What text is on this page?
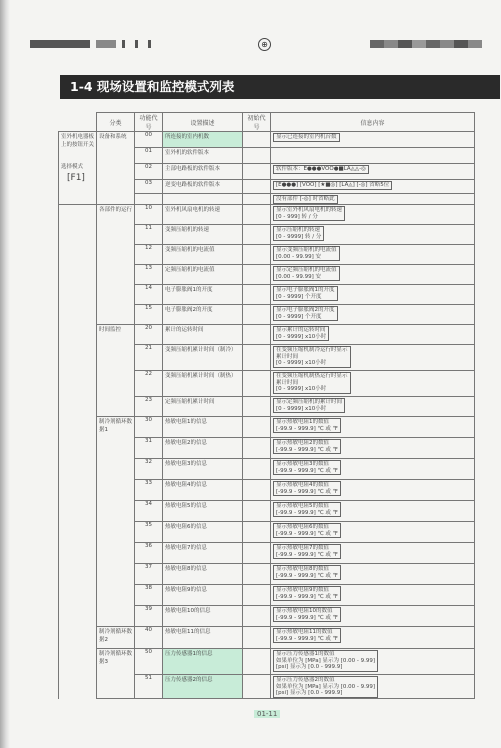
⊕
1-4 现场设置和监控模式列表
	分类	功能代号	设置描述	初始代号	信息内容
室外机电器板上的按钮开关

选择模式
[F1]	设备和系统	00	所连接的室内机数		显示已连接的室内机台数

		01	室外机的软件版本		

		02	主部电路板的软件版本		软件版本：E●●●VOO●■LA◬◬-◎

		03	逆变电路板的软件版本		[E●●●] [VOO] [★■◎] [LA◬] [-◎] 省略5位

					没有部件 [-◎] 时省略此

	各部件的运行	10	室外机风扇电机的转速		显示室外机风扇电机的转速
[0 - 999] 转 / 分

		11	变频压缩机的转速		显示压缩机的转速
[0 - 9999] 转 / 分

		12	变频压缩机的电流值		显示变频压缩机的电流值
[0.00 - 99.99] 安

		13	定频压缩机的电流值		显示定频压缩机的电流值
[0.00 - 99.99] 安

		14	电子膨胀阀1的开度		显示电子膨胀阀1的开度
[0 - 9999] 个开度

		15	电子膨胀阀2的开度		显示电子膨胀阀2的开度
[0 - 9999] 个开度

	时间监控	20	累计的运转时间		显示累计的运转时间
[0 - 9999] x10小时

		21	变频压缩机累计时间（制冷）		在变频压缩机制冷运行时显示
累计时间
[0 - 9999] x10小时

		22	变频压缩机累计时间（制热）		在变频压缩机制热运行时显示
累计时间
[0 - 9999] x10小时

		23	定频压缩机累计时间		显示定频压缩机的累计时间
[0 - 9999] x10小时

	制冷剂循环数据1	30	热敏电阻1的信息		显示热敏电阻1的数值
[-99.9 - 999.9] ℃ 或 ℉

		31	热敏电阻2的信息		显示热敏电阻2的数值
[-99.9 - 999.9] ℃ 或 ℉

		32	热敏电阻3的信息		显示热敏电阻3的数值
[-99.9 - 999.9] ℃ 或 ℉

		33	热敏电阻4的信息		显示热敏电阻4的数值
[-99.9 - 999.9] ℃ 或 ℉

		34	热敏电阻5的信息		显示热敏电阻5的数值
[-99.9 - 999.9] ℃ 或 ℉

		35	热敏电阻6的信息		显示热敏电阻6的数值
[-99.9 - 999.9] ℃ 或 ℉

		36	热敏电阻7的信息		显示热敏电阻7的数值
[-99.9 - 999.9] ℃ 或 ℉

		37	热敏电阻8的信息		显示热敏电阻8的数值
[-99.9 - 999.9] ℃ 或 ℉

		38	热敏电阻9的信息		显示热敏电阻9的数值
[-99.9 - 999.9] ℃ 或 ℉

		39	热敏电阻10的信息		显示热敏电阻10的数值
[-99.9 - 999.9] ℃ 或 ℉

	制冷剂循环数据2	40	热敏电阻11的信息		显示热敏电阻11的数值
[-99.9 - 999.9] ℃ 或 ℉

	制冷剂循环数据3	50	压力传感器1的信息		显示压力传感器1的数值
如果单位为 [MPa] 显示为 [0.00 - 9.99]
[psi] 显示为 [0.0 - 999.9]

		51	压力传感器2的信息		显示压力传感器2的数值
如果单位为 [MPa] 显示为 [0.00 - 9.99]
[psi] 显示为 [0.0 - 999.9]
01-11
